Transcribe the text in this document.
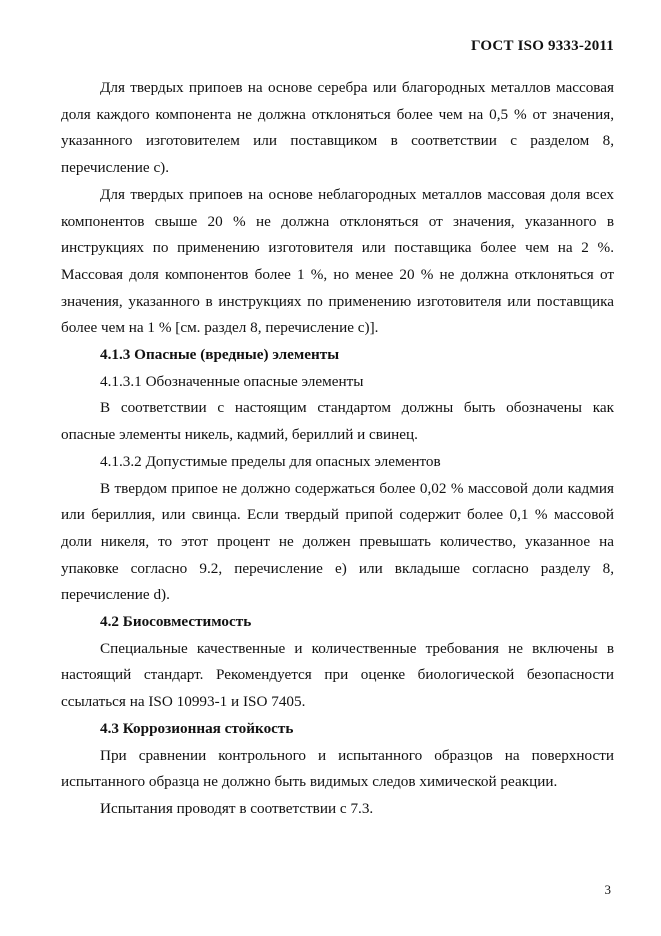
ГОСТ ISO 9333-2011

Для твердых припоев на основе серебра или благородных металлов массовая доля каждого компонента не должна отклоняться более чем на 0,5 % от значения, указанного изготовителем или поставщиком в соответствии с разделом 8, перечисление с).

Для твердых припоев на основе неблагородных металлов массовая доля всех компонентов свыше 20 % не должна отклоняться от значения, указанного в инструкциях по применению изготовителя или поставщика более чем на 2 %. Массовая доля компонентов более 1 %, но менее 20 % не должна отклоняться от значения, указанного в инструкциях по применению изготовителя или поставщика более чем на 1 % [см. раздел 8, перечисление с)].

4.1.3 Опасные (вредные) элементы

4.1.3.1 Обозначенные опасные элементы

В соответствии с настоящим стандартом должны быть обозначены как опасные элементы никель, кадмий, бериллий и свинец.

4.1.3.2 Допустимые пределы для опасных элементов

В твердом припое не должно содержаться более 0,02 % массовой доли кадмия или бериллия, или свинца. Если твердый припой содержит более 0,1 % массовой доли никеля, то этот процент не должен превышать количество, указанное на упаковке согласно 9.2, перечисление е) или вкладыше согласно разделу 8, перечисление d).

4.2 Биосовместимость

Специальные качественные и количественные требования не включены в настоящий стандарт. Рекомендуется при оценке биологической безопасности ссылаться на ISO 10993-1 и ISO 7405.

4.3 Коррозионная стойкость

При сравнении контрольного и испытанного образцов на поверхности испытанного образца не должно быть видимых следов химической реакции.

Испытания проводят в соответствии с 7.3.

3
